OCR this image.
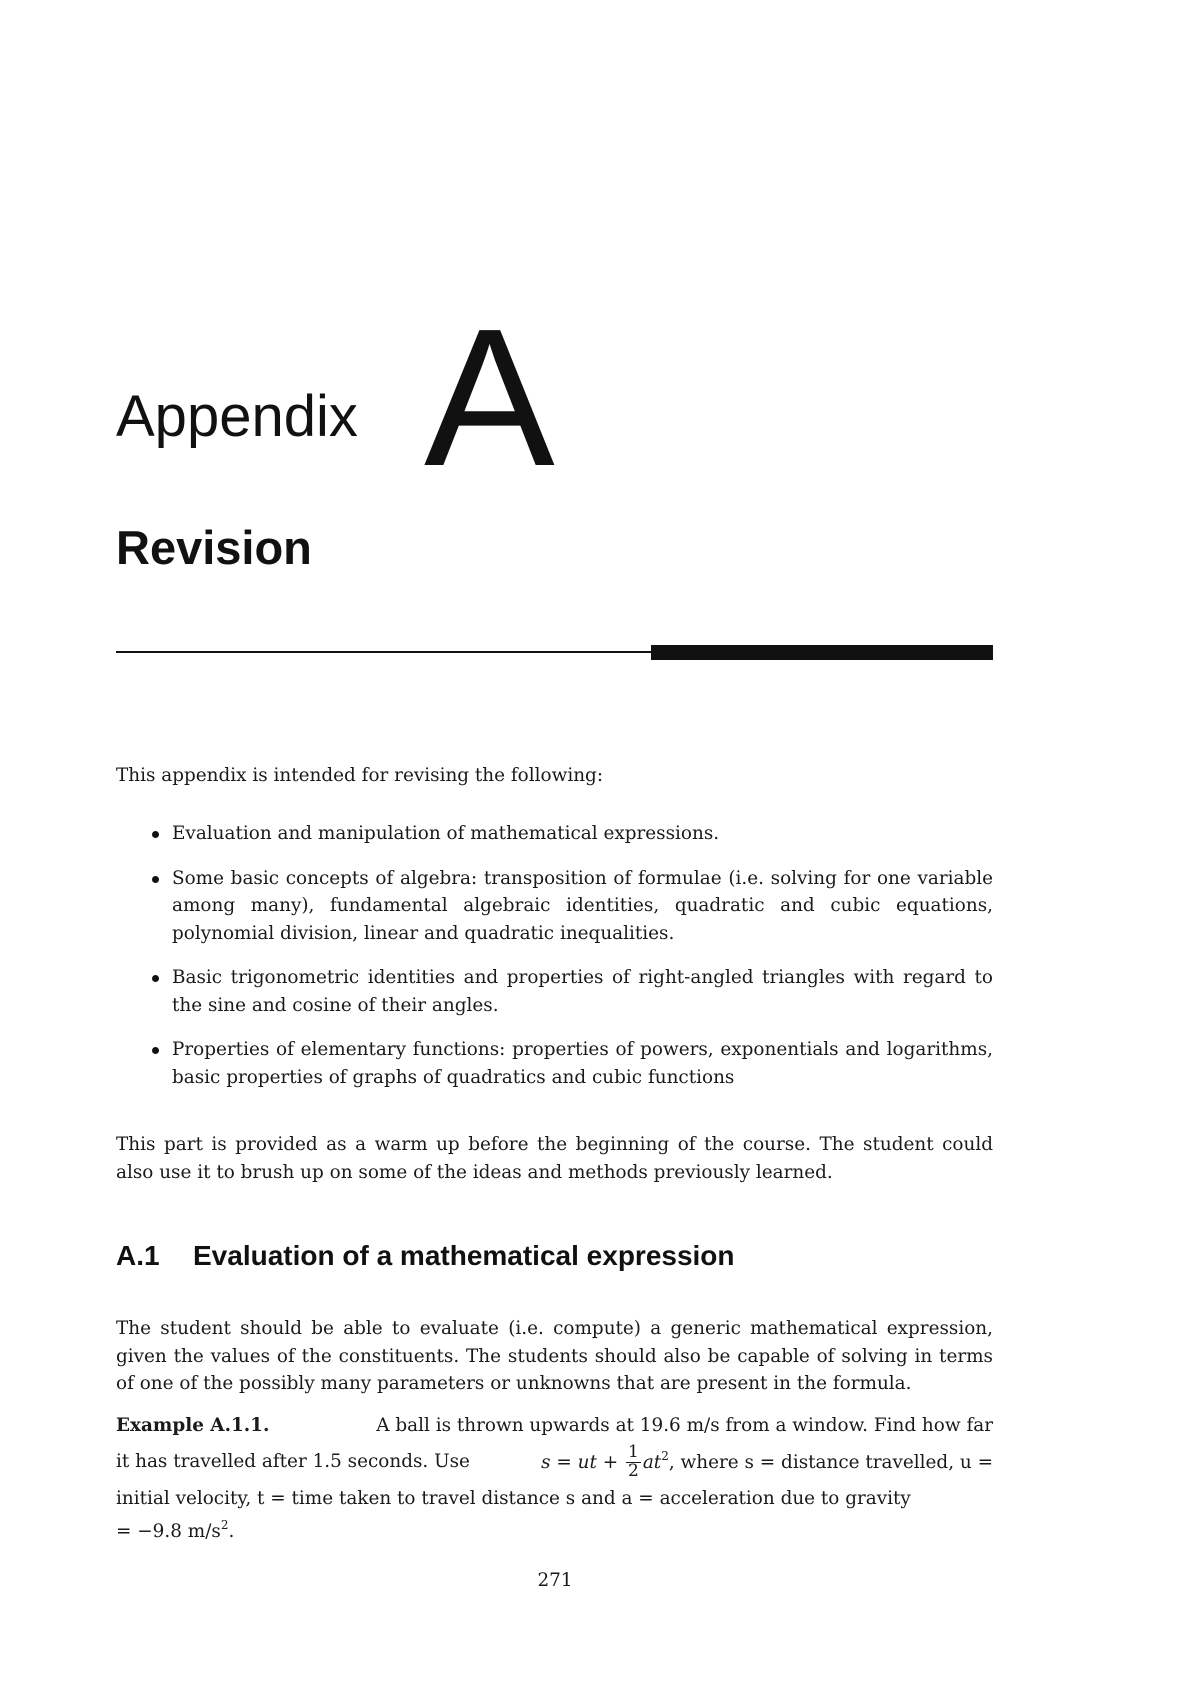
Appendix A
Revision

This appendix is intended for revising the following:

Evaluation and manipulation of mathematical expressions.
Some basic concepts of algebra: transposition of formulae (i.e. solving for one variable among many), fundamental algebraic identities, quadratic and cubic equations, polynomial division, linear and quadratic inequalities.
Basic trigonometric identities and properties of right-angled triangles with regard to the sine and cosine of their angles.
Properties of elementary functions: properties of powers, exponentials and logarithms, basic properties of graphs of quadratics and cubic functions

This part is provided as a warm up before the beginning of the course. The student could also use it to brush up on some of the ideas and methods previously learned.

A.1 Evaluation of a mathematical expression

The student should be able to evaluate (i.e. compute) a generic mathematical expression, given the values of the constituents. The students should also be capable of solving in terms of one of the possibly many parameters or unknowns that are present in the formula.

Example A.1.1.	A ball is thrown upwards at 19.6 m/s from a window. Find how far
it has travelled after 1.5 seconds. Use	s = ut + $\frac{1}{2} at^2$, where s = distance travelled, u =
initial velocity, t = time taken to travel distance s and a = acceleration due to gravity
= −9.8 $m/s^2$.
271
